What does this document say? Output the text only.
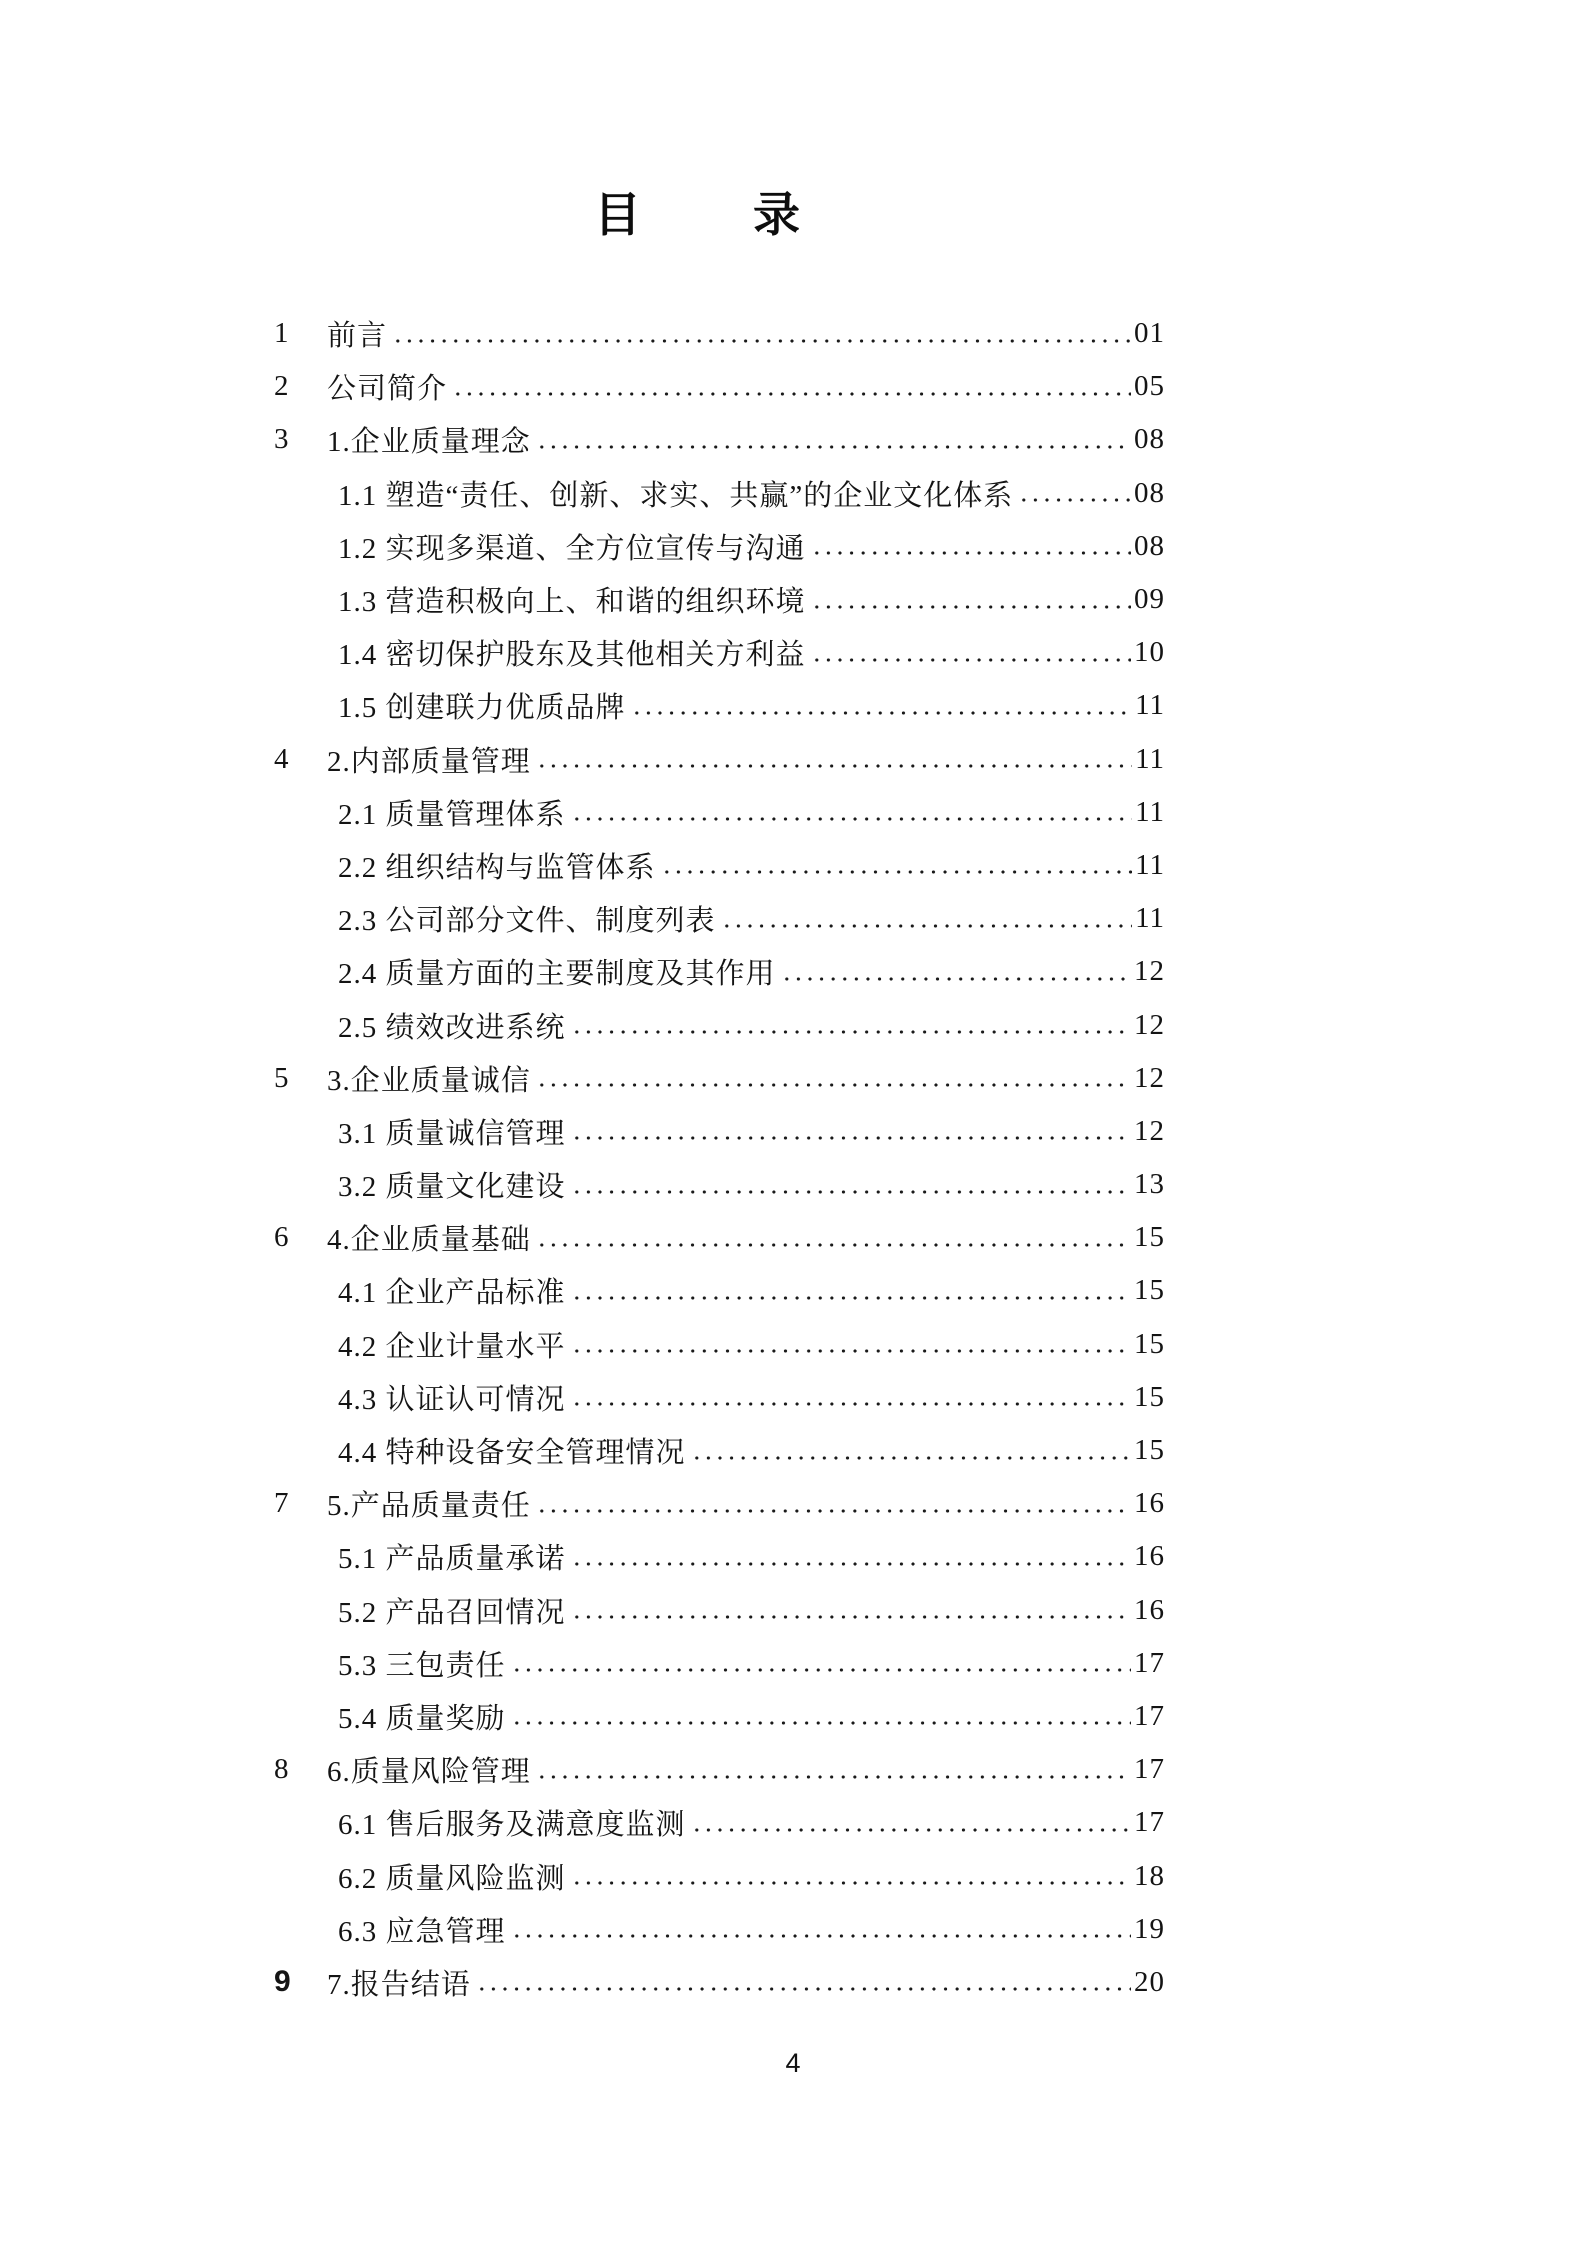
目　　录
1	前言	01
2	公司简介	05
3	1.企业质量理念	08
1.1 塑造“责任、创新、求实、共赢”的企业文化体系	08
1.2 实现多渠道、全方位宣传与沟通	08
1.3 营造积极向上、和谐的组织环境	09
1.4 密切保护股东及其他相关方利益	10
1.5 创建联力优质品牌	11
4	2.内部质量管理	11
2.1 质量管理体系	11
2.2 组织结构与监管体系	11
2.3 公司部分文件、制度列表	11
2.4 质量方面的主要制度及其作用	12
2.5 绩效改进系统	12
5	3.企业质量诚信	12
3.1 质量诚信管理	12
3.2 质量文化建设	13
6	4.企业质量基础	15
4.1 企业产品标准	15
4.2 企业计量水平	15
4.3 认证认可情况	15
4.4 特种设备安全管理情况	15
7	5.产品质量责任	16
5.1 产品质量承诺	16
5.2 产品召回情况	16
5.3 三包责任	17
5.4 质量奖励	17
8	6.质量风险管理	17
6.1 售后服务及满意度监测	17
6.2 质量风险监测	18
6.3 应急管理	19
9	7.报告结语	20
4
